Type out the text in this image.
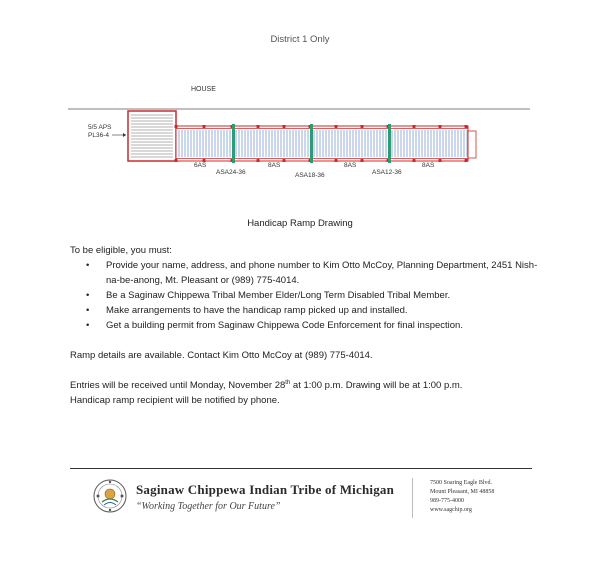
District 1 Only
HOUSE
5/5 APS
PL36-4
6AS	8AS	8AS	8AS
ASA24-36	ASA18-36	ASA12-36
Handicap Ramp Drawing

To be eligible, you must:

• Provide your name, address, and phone number to Kim Otto McCoy, Planning Department, 2451 Nish-na-be-anong, Mt. Pleasant or (989) 775-4014.
• Be a Saginaw Chippewa Tribal Member Elder/Long Term Disabled Tribal Member.
• Make arrangements to have the handicap ramp picked up and installed.
• Get a building permit from Saginaw Chippewa Code Enforcement for final inspection.

Ramp details are available. Contact Kim Otto McCoy at (989) 775-4014.

Entries will be received until Monday, November 28th at 1:00 p.m. Drawing will be at 1:00 p.m.

Handicap ramp recipient will be notified by phone.

Saginaw Chippewa Indian Tribe of Michigan
“Working Together for Our Future”
7500 Soaring Eagle Blvd.
Mount Pleasant, MI 48858
989-775-4000
www.sagchip.org
